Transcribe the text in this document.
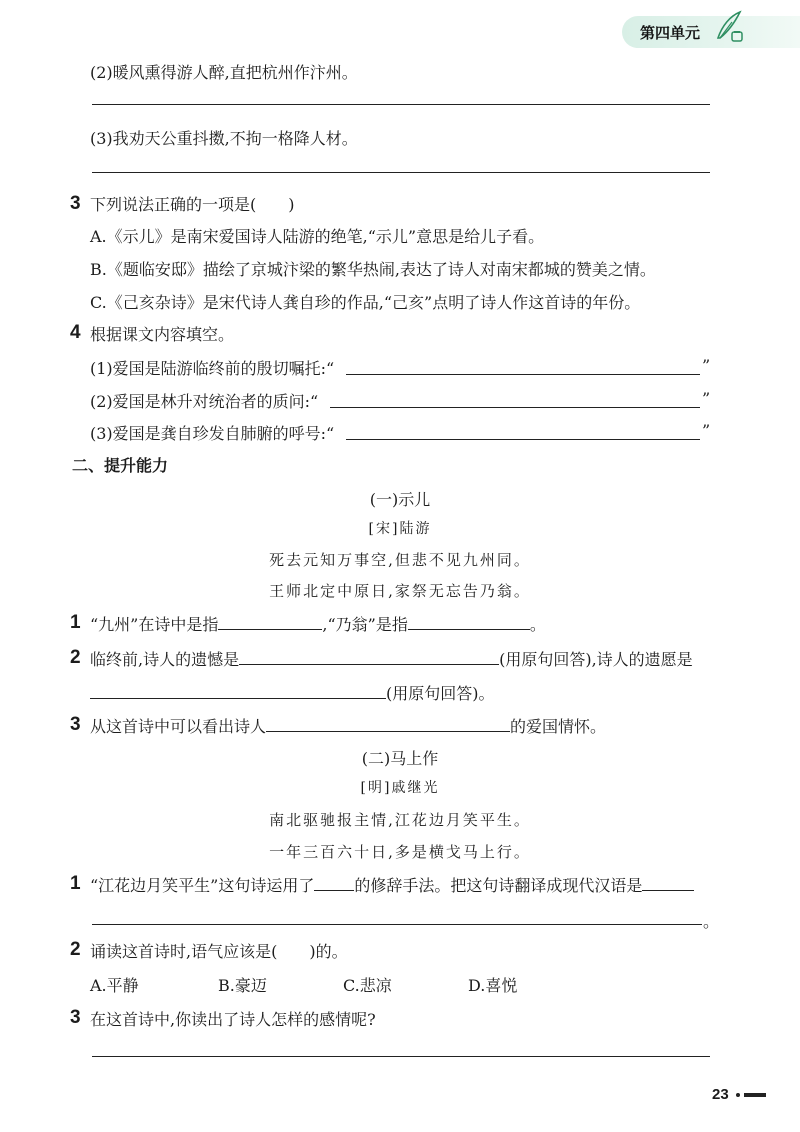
第四单元
(2)暖风熏得游人醉,直把杭州作汴州。
(3)我劝天公重抖擞,不拘一格降人材。
3 下列说法正确的一项是( )
A.《示儿》是南宋爱国诗人陆游的绝笔,“示儿”意思是给儿子看。
B.《题临安邸》描绘了京城汴梁的繁华热闹,表达了诗人对南宋都城的赞美之情。
C.《己亥杂诗》是宋代诗人龚自珍的作品,“己亥”点明了诗人作这首诗的年份。
4 根据课文内容填空。
(1)爱国是陆游临终前的殷切嘱托:“	”
(2)爱国是林升对统治者的质问:“	”
(3)爱国是龚自珍发自肺腑的呼号:“	”
二、提升能力
(一)示儿
[宋]陆游
死去元知万事空,但悲不见九州同。
王师北定中原日,家祭无忘告乃翁。
1 “九州”在诗中是指	,“乃翁”是指	。
2 临终前,诗人的遗憾是	(用原句回答),诗人的遗愿是
(用原句回答)。
3 从这首诗中可以看出诗人	的爱国情怀。
(二)马上作
[明]戚继光
南北驱驰报主情,江花边月笑平生。
一年三百六十日,多是横戈马上行。
1 “江花边月笑平生”这句诗运用了	的修辞手法。把这句诗翻译成现代汉语是
。
2 诵读这首诗时,语气应该是( )的。
A.平静	B.豪迈	C.悲凉	D.喜悦
3 在这首诗中,你读出了诗人怎样的感情呢?
23
